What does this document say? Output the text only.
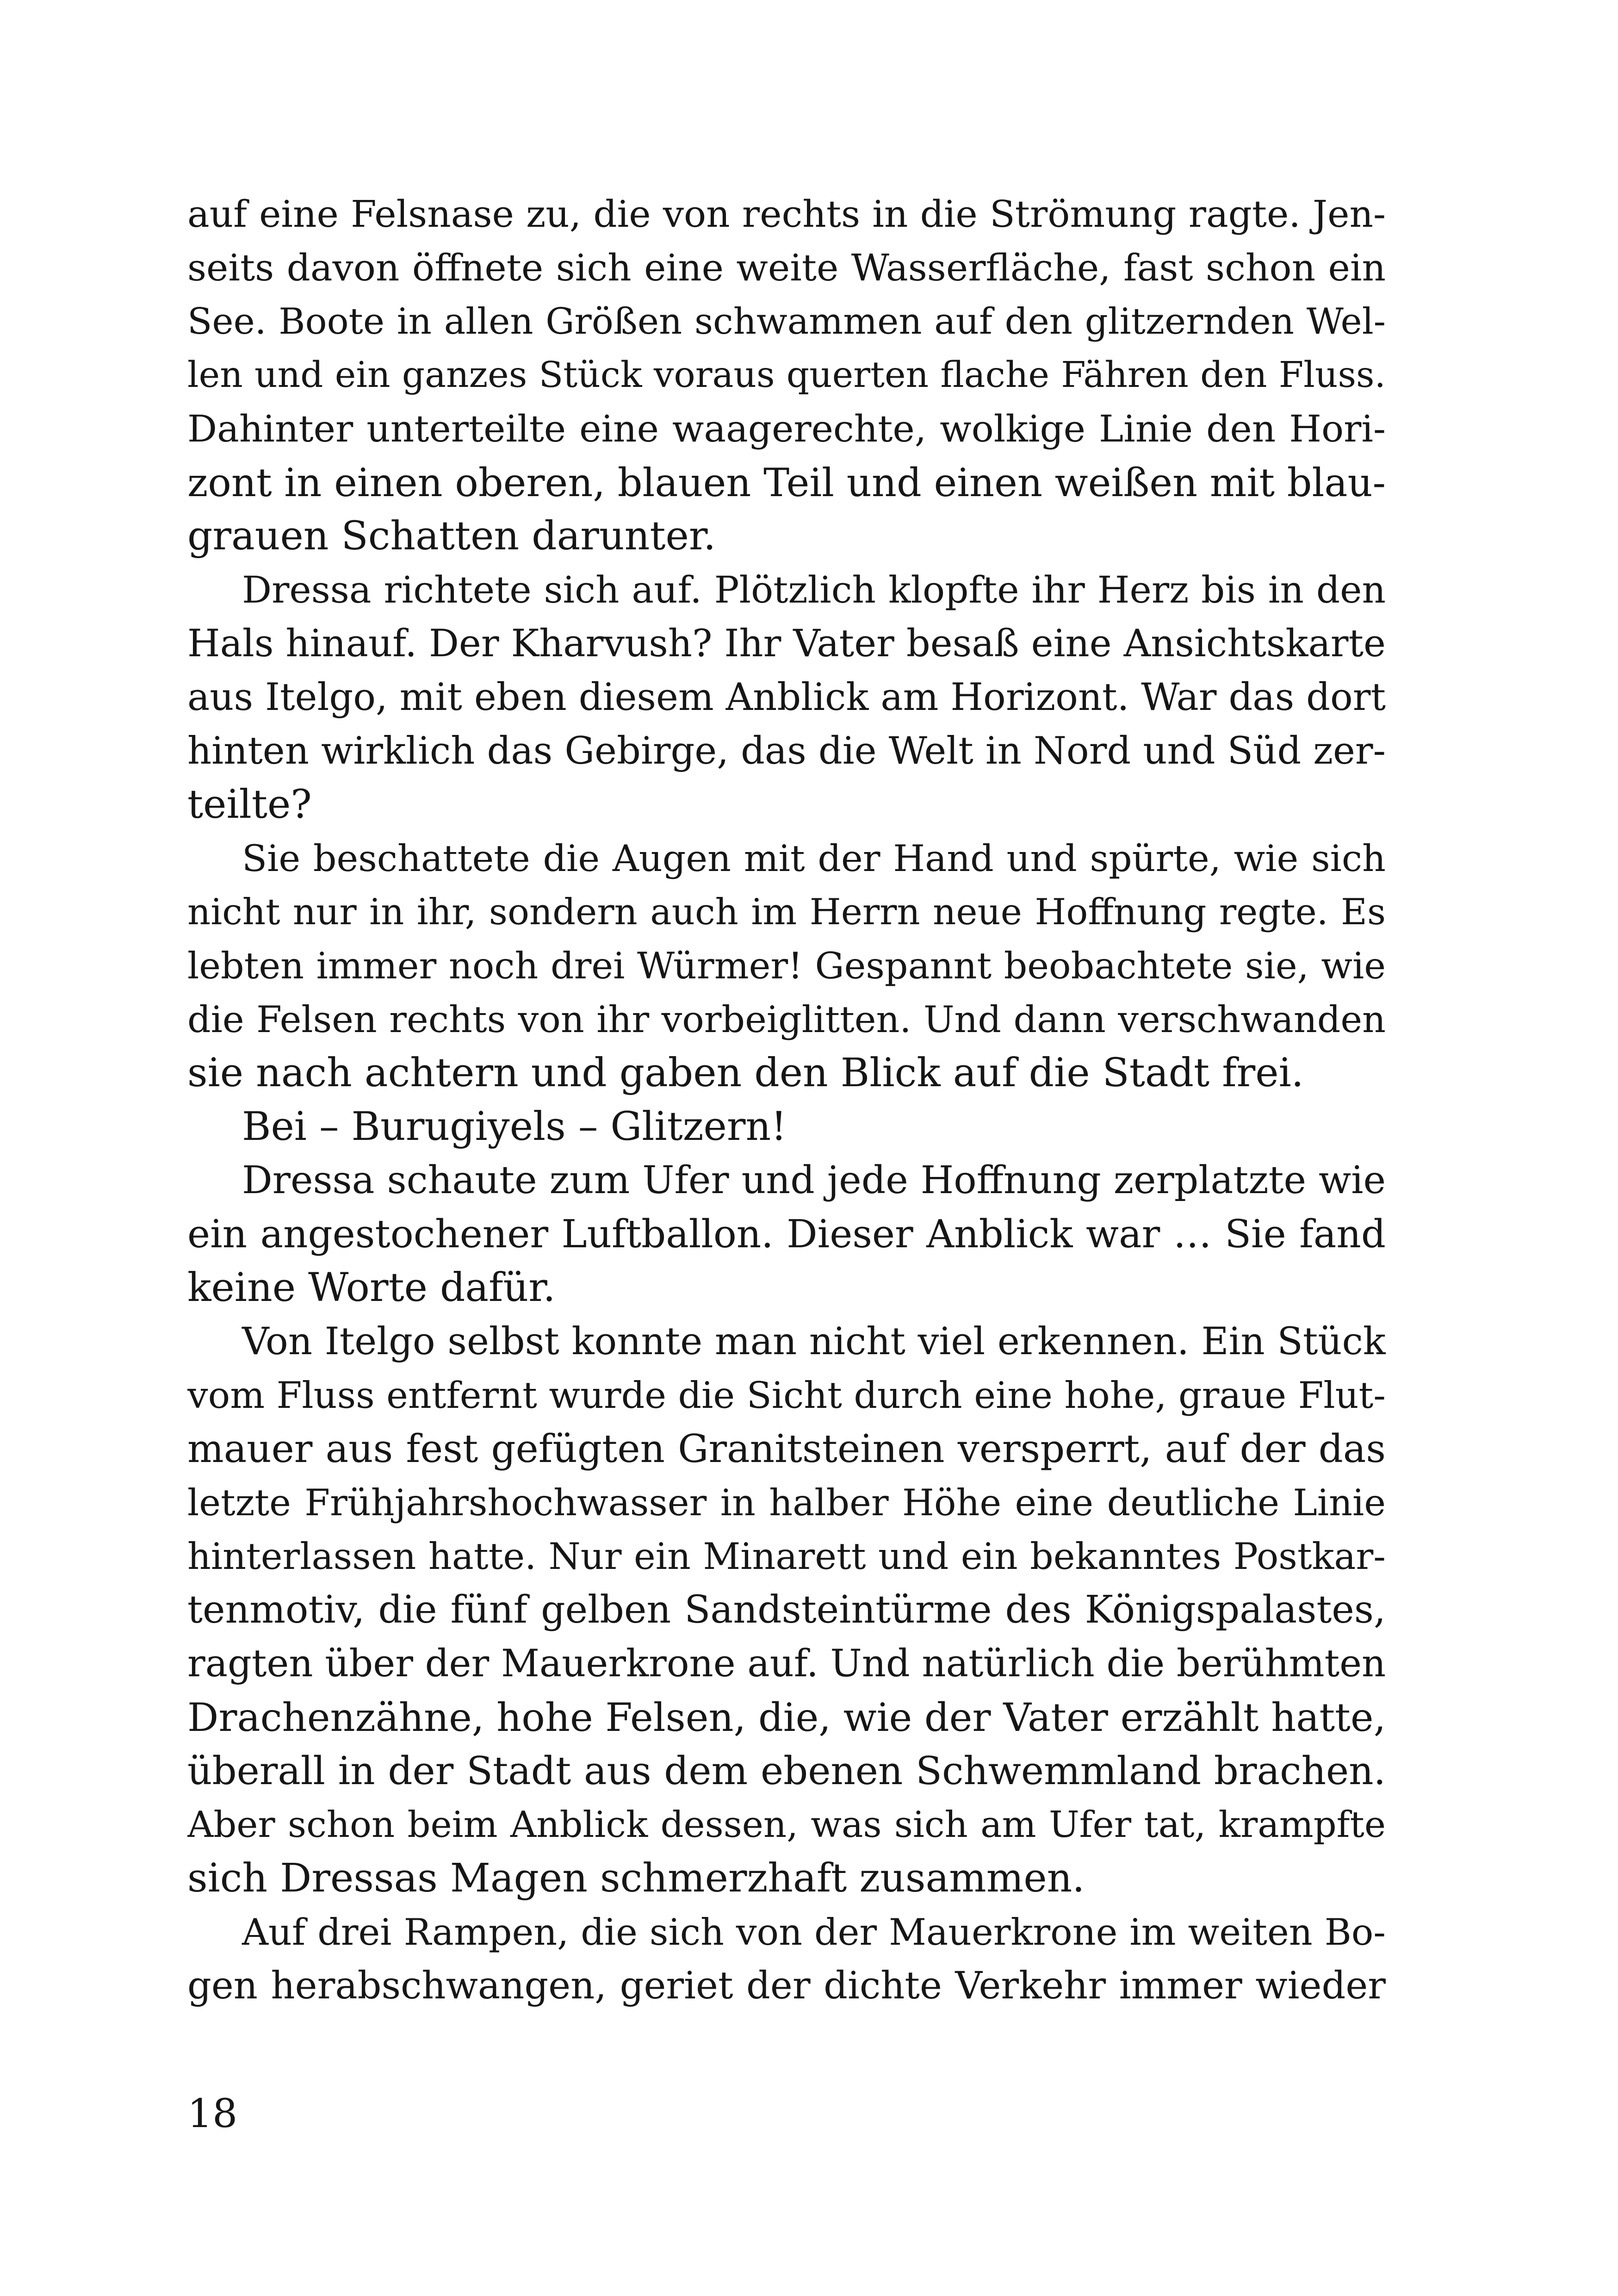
auf eine Felsnase zu, die von rechts in die Strömung ragte. Jen-
seits davon öffnete sich eine weite Wasserfläche, fast schon ein
See. Boote in allen Größen schwammen auf den glitzernden Wel-
len und ein ganzes Stück voraus querten flache Fähren den Fluss.
Dahinter unterteilte eine waagerechte, wolkige Linie den Hori-
zont in einen oberen, blauen Teil und einen weißen mit blau-
grauen Schatten darunter.
Dressa richtete sich auf. Plötzlich klopfte ihr Herz bis in den
Hals hinauf. Der Kharvush? Ihr Vater besaß eine Ansichtskarte
aus Itelgo, mit eben diesem Anblick am Horizont. War das dort
hinten wirklich das Gebirge, das die Welt in Nord und Süd zer-
teilte?
Sie beschattete die Augen mit der Hand und spürte, wie sich
nicht nur in ihr, sondern auch im Herrn neue Hoffnung regte. Es
lebten immer noch drei Würmer! Gespannt beobachtete sie, wie
die Felsen rechts von ihr vorbeiglitten. Und dann verschwanden
sie nach achtern und gaben den Blick auf die Stadt frei.
Bei – Burugiyels – Glitzern!
Dressa schaute zum Ufer und jede Hoffnung zerplatzte wie
ein angestochener Luftballon. Dieser Anblick war … Sie fand
keine Worte dafür.
Von Itelgo selbst konnte man nicht viel erkennen. Ein Stück
vom Fluss entfernt wurde die Sicht durch eine hohe, graue Flut-
mauer aus fest gefügten Granitsteinen versperrt, auf der das
letzte Frühjahrshochwasser in halber Höhe eine deutliche Linie
hinterlassen hatte. Nur ein Minarett und ein bekanntes Postkar-
tenmotiv, die fünf gelben Sandsteintürme des Königspalastes,
ragten über der Mauerkrone auf. Und natürlich die berühmten
Drachenzähne, hohe Felsen, die, wie der Vater erzählt hatte,
überall in der Stadt aus dem ebenen Schwemmland brachen.
Aber schon beim Anblick dessen, was sich am Ufer tat, krampfte
sich Dressas Magen schmerzhaft zusammen.
Auf drei Rampen, die sich von der Mauerkrone im weiten Bo-
gen herabschwangen, geriet der dichte Verkehr immer wieder
18
